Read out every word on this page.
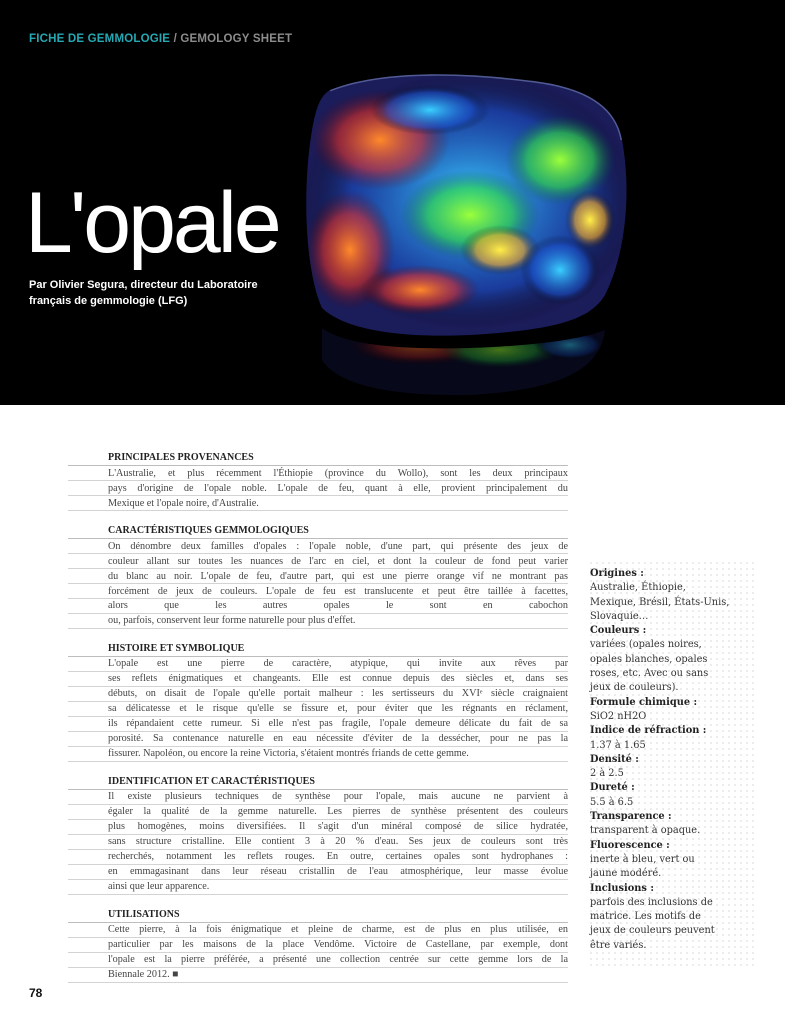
FICHE DE GEMMOLOGIE / GEMOLOGY SHEET

L'opale

Par Olivier Segura, directeur du Laboratoire français de gemmologie (LFG)

PRINCIPALES PROVENANCES
L'Australie, et plus récemment l'Éthiopie (province du Wollo), sont les deux principaux
pays d'origine de l'opale noble. L'opale de feu, quant à elle, provient principalement du
Mexique et l'opale noire, d'Australie.
CARACTÉRISTIQUES GEMMOLOGIQUES
On dénombre deux familles d'opales : l'opale noble, d'une part, qui présente des jeux de
couleur allant sur toutes les nuances de l'arc en ciel, et dont la couleur de fond peut varier
du blanc au noir. L'opale de feu, d'autre part, qui est une pierre orange vif ne montrant pas
forcément de jeux de couleurs. L'opale de feu est translucente et peut être taillée à facettes,
alors que les autres opales le sont en cabochon
ou, parfois, conservent leur forme naturelle pour plus d'effet.
HISTOIRE ET SYMBOLIQUE
L'opale est une pierre de caractère, atypique, qui invite aux rêves par
ses reflets énigmatiques et changeants. Elle est connue depuis des siècles et, dans ses
débuts, on disait de l'opale qu'elle portait malheur : les sertisseurs du XVIᵉ siècle craignaient
sa délicatesse et le risque qu'elle se fissure et, pour éviter que les régnants en réclament,
ils répandaient cette rumeur. Si elle n'est pas fragile, l'opale demeure délicate du fait de sa
porosité. Sa contenance naturelle en eau nécessite d'éviter de la dessécher, pour ne pas la
fissurer. Napoléon, ou encore la reine Victoria, s'étaient montrés friands de cette gemme.
IDENTIFICATION ET CARACTÉRISTIQUES
Il existe plusieurs techniques de synthèse pour l'opale, mais aucune ne parvient à
égaler la qualité de la gemme naturelle. Les pierres de synthèse présentent des couleurs
plus homogènes, moins diversifiées. Il s'agit d'un minéral composé de silice hydratée,
sans structure cristalline. Elle contient 3 à 20 % d'eau. Ses jeux de couleurs sont très
recherchés, notamment les reflets rouges. En outre, certaines opales sont hydrophanes :
en emmagasinant dans leur réseau cristallin de l'eau atmosphérique, leur masse évolue
ainsi que leur apparence.
UTILISATIONS
Cette pierre, à la fois énigmatique et pleine de charme, est de plus en plus utilisée, en
particulier par les maisons de la place Vendôme. Victoire de Castellane, par exemple, dont
l'opale est la pierre préférée, a présenté une collection centrée sur cette gemme lors de la
Biennale 2012. ■
Origines :
Australie, Éthiopie,
Mexique, Brésil, États-Unis,
Slovaquie…
Couleurs :
variées (opales noires,
opales blanches, opales
roses, etc. Avec ou sans
jeux de couleurs).
Formule chimique :
SiO2 nH2O
Indice de réfraction :
1.37 à 1.65
Densité :
2 à 2.5
Dureté :
5.5 à 6.5
Transparence :
transparent à opaque.
Fluorescence :
inerte à bleu, vert ou
jaune modéré.
Inclusions :
parfois des inclusions de
matrice. Les motifs de
jeux de couleurs peuvent
être variés.
78
